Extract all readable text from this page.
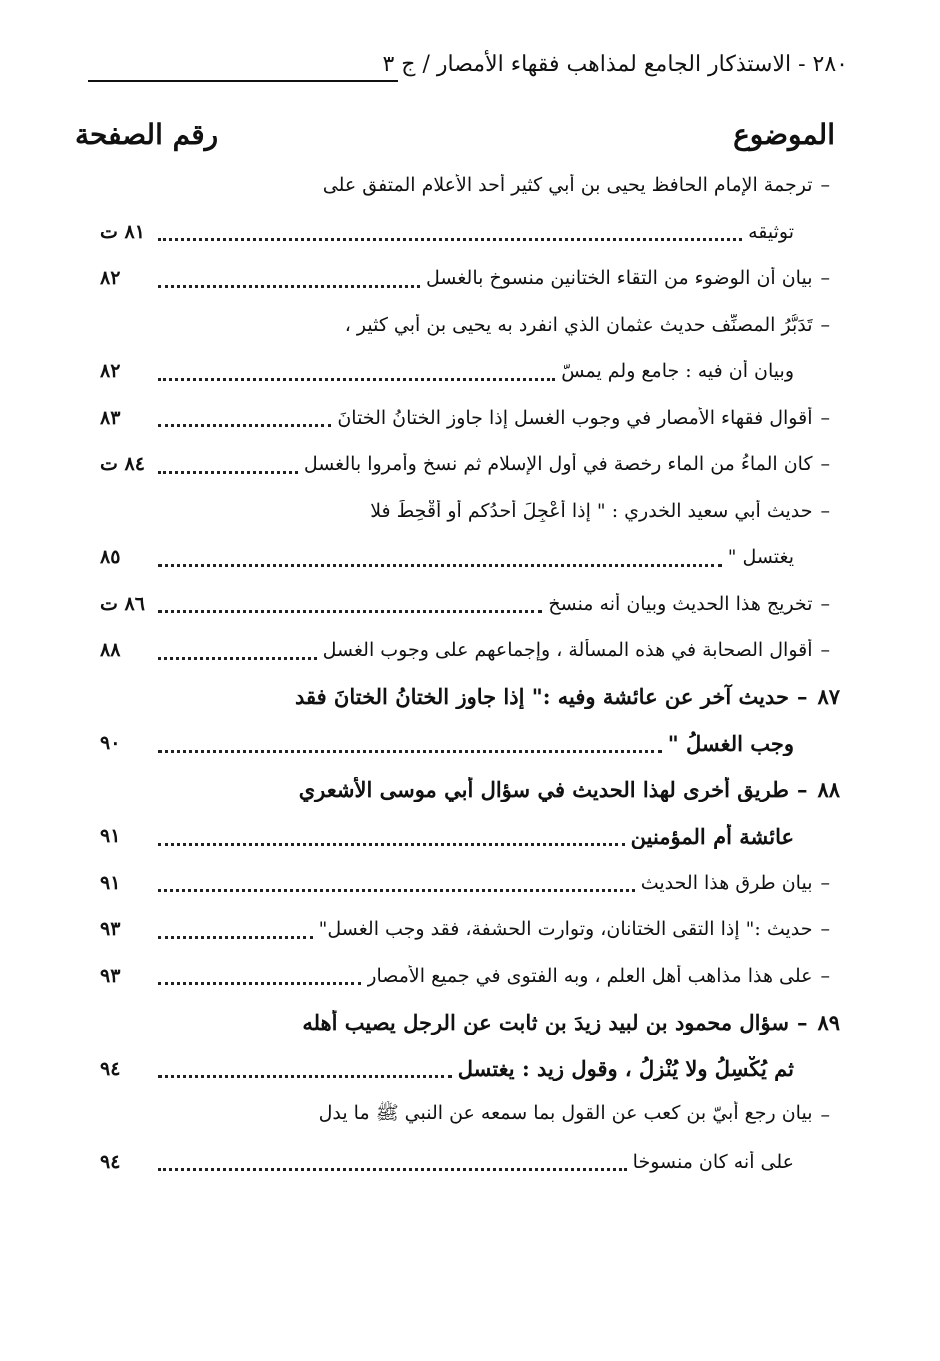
٢٨٠ - الاستذكار الجامع لمذاهب فقهاء الأمصار / ج ٣
الموضوع
رقم الصفحة
–
ترجمة الإمام الحافظ يحيى بن أبي كثير أحد الأعلام المتفق على
توثيقه
٨١ ت
–
بيان أن الوضوء من التقاء الختانين منسوخ بالغسل
٨٢
–
تَدَبُّرُ المصنِّف حديث عثمان الذي انفرد به يحيى بن أبي كثير ،
وبيان أن فيه : جامع ولم يمسّ
٨٢
–
أقوال فقهاء الأمصار في وجوب الغسل إذا جاوز الختانُ الختانَ
٨٣
–
كان الماءُ من الماء رخصة في أول الإسلام ثم نسخ وأمروا بالغسل
٨٤ ت
–
حديث أبي سعيد الخدري : " إذا أُعْجِلَ أحدُكم أو أُقْحِطَ فلا
يغتسل "
٨٥
–
تخريج هذا الحديث وبيان أنه منسخ
٨٦ ت
–
أقوال الصحابة في هذه المسألة ، وإجماعهم على وجوب الغسل
٨٨
٨٧
–
حديث آخر عن عائشة وفيه :" إذا جاوز الختانُ الختانَ فقد
وجب الغسلُ "
٩٠
٨٨
–
طريق أخرى لهذا الحديث في سؤال أبي موسى الأشعري
عائشة أم المؤمنين
٩١
–
بيان طرق هذا الحديث
٩١
–
حديث :" إذا التقى الختانان، وتوارت الحشفة، فقد وجب الغسل"
٩٣
–
على هذا مذاهب أهل العلم ، وبه الفتوى في جميع الأمصار
٩٣
٨٩
–
سؤال محمود بن لبيد زيدَ بن ثابت عن الرجل يصيب أهله
ثم يُكْسِلُ ولا يُنْزِلُ ، وقول زيد : يغتسل
٩٤
–
بيان رجع أُبيّ بن كعب عن القول بما سمعه عن النبي ﷺ ما يدل
على أنه كان منسوخا
٩٤
